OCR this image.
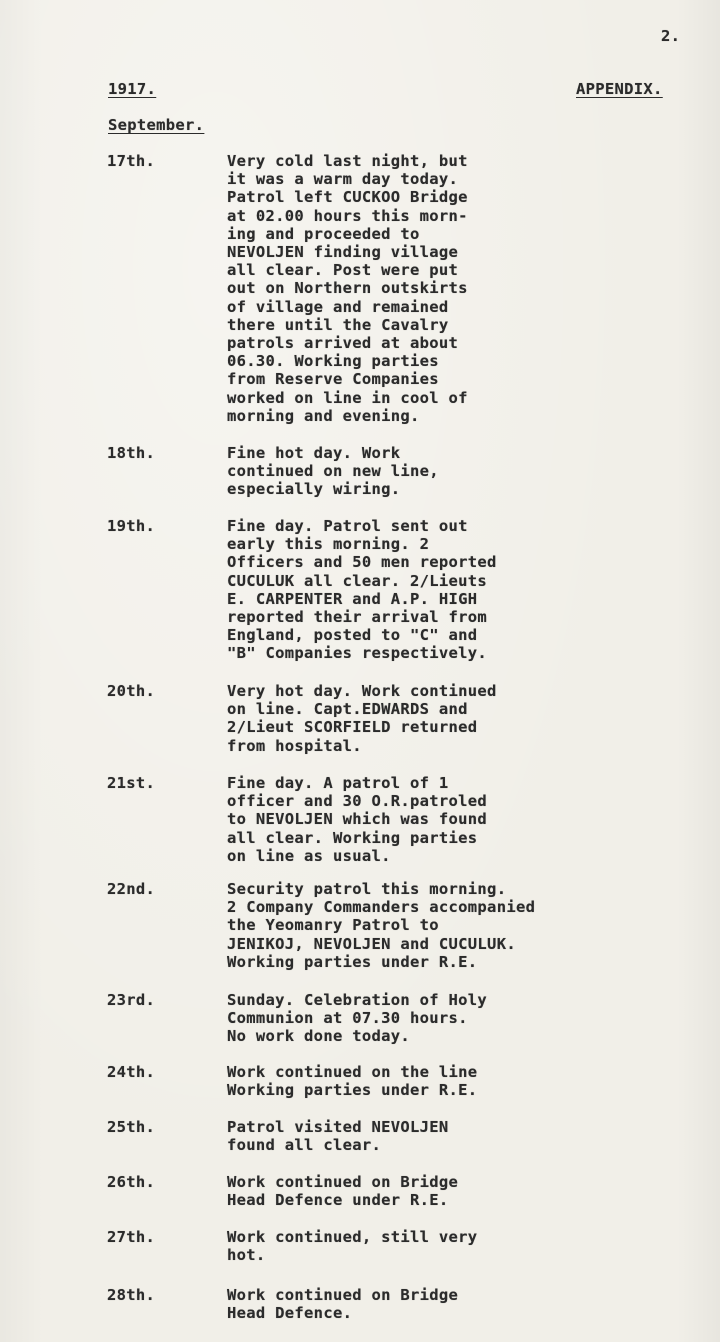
2.
1917.	APPENDIX.
September.
17th.	Very cold last night, but
it was a warm day today.
Patrol left CUCKOO Bridge
at 02.00 hours this morn-
ing and proceeded to
NEVOLJEN finding village
all clear. Post were put
out on Northern outskirts
of village and remained
there until the Cavalry
patrols arrived at about
06.30. Working parties
from Reserve Companies
worked on line in cool of
morning and evening.
18th.	Fine hot day. Work
continued on new line,
especially wiring.
19th.	Fine day. Patrol sent out
early this morning. 2
Officers and 50 men reported
CUCULUK all clear. 2/Lieuts
E. CARPENTER and A.P. HIGH
reported their arrival from
England, posted to "C" and
"B" Companies respectively.
20th.	Very hot day. Work continued
on line. Capt.EDWARDS and
2/Lieut SCORFIELD returned
from hospital.
21st.	Fine day. A patrol of 1
officer and 30 O.R.patroled
to NEVOLJEN which was found
all clear. Working parties
on line as usual.
22nd.	Security patrol this morning.
2 Company Commanders accompanied
the Yeomanry Patrol to
JENIKOJ, NEVOLJEN and CUCULUK.
Working parties under R.E.
23rd.	Sunday. Celebration of Holy
Communion at 07.30 hours.
No work done today.
24th.	Work continued on the line
Working parties under R.E.
25th.	Patrol visited NEVOLJEN
found all clear.
26th.	Work continued on Bridge
Head Defence under R.E.
27th.	Work continued, still very
hot.
28th.	Work continued on Bridge
Head Defence.
